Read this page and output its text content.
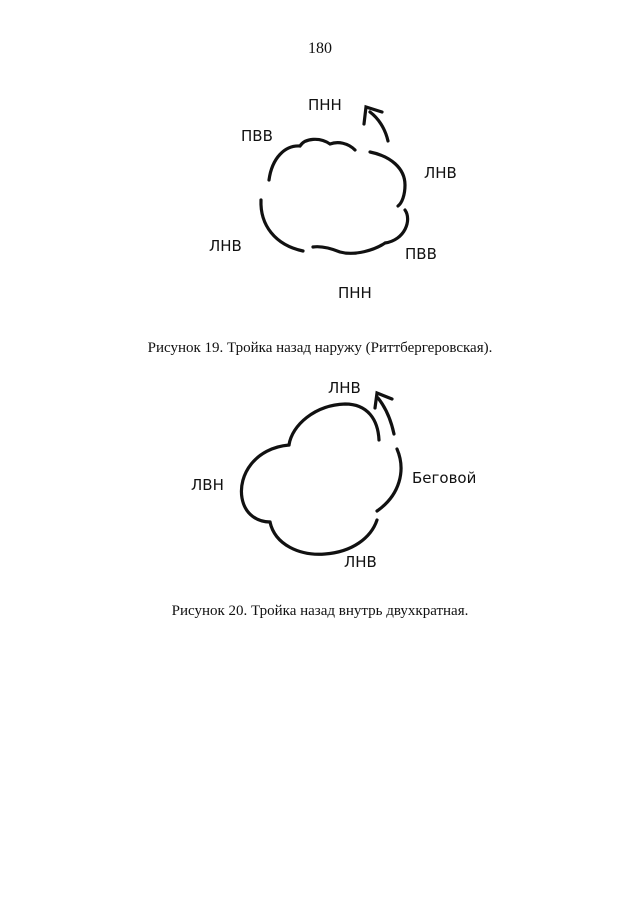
180
ПНН
ПВВ
ЛНВ
ЛНВ	ПВВ
ПНН
Рисунок 19. Тройка назад наружу (Риттбергеровская).
ЛНВ
ЛВН	Беговой
ЛНВ
Рисунок 20. Тройка назад внутрь двухкратная.
